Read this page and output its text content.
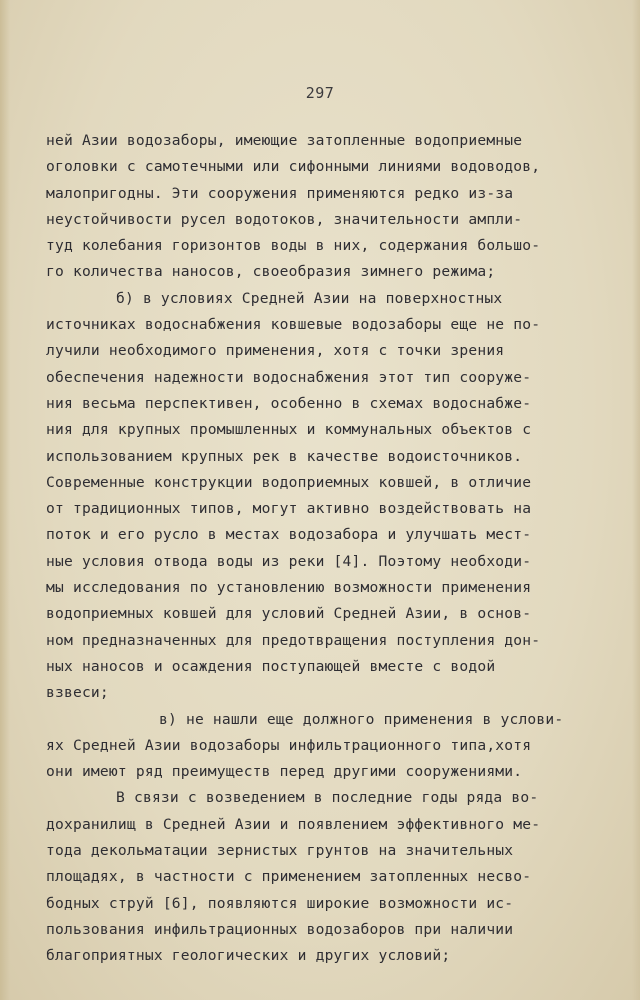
297
ней Азии водозаборы, имеющие затопленные водоприемные
оголовки с самотечными или сифонными линиями водоводов,
малопригодны. Эти сооружения применяются редко из-за
неустойчивости русел водотоков, значительности ампли-
туд колебания горизонтов воды в них, содержания большо-
го количества наносов, своеобразия зимнего режима;
б) в условиях Средней Азии на поверхностных
источниках водоснабжения ковшевые водозаборы еще не по-
лучили необходимого применения, хотя с точки зрения
обеспечения надежности водоснабжения этот тип сооруже-
ния весьма перспективен, особенно в схемах водоснабже-
ния для крупных промышленных и коммунальных объектов с
использованием крупных рек в качестве водоисточников.
Современные конструкции водоприемных ковшей, в отличие
от традиционных типов, могут активно воздействовать на
поток и его русло в местах водозабора и улучшать мест-
ные условия отвода воды из реки [4]. Поэтому необходи-
мы исследования по установлению возможности применения
водоприемных ковшей для условий Средней Азии, в основ-
ном предназначенных для предотвращения поступления дон-
ных наносов и осаждения поступающей вместе с водой
взвеси;
в) не нашли еще должного применения в услови-
ях Средней Азии водозаборы инфильтрационного типа,хотя
они имеют ряд преимуществ перед другими сооружениями.
В связи с возведением в последние годы ряда во-
дохранилищ в Средней Азии и появлением эффективного ме-
тода декольматации зернистых грунтов на значительных
площадях, в частности с применением затопленных несво-
бодных струй [6], появляются широкие возможности ис-
пользования инфильтрационных водозаборов при наличии
благоприятных геологических и других условий;
